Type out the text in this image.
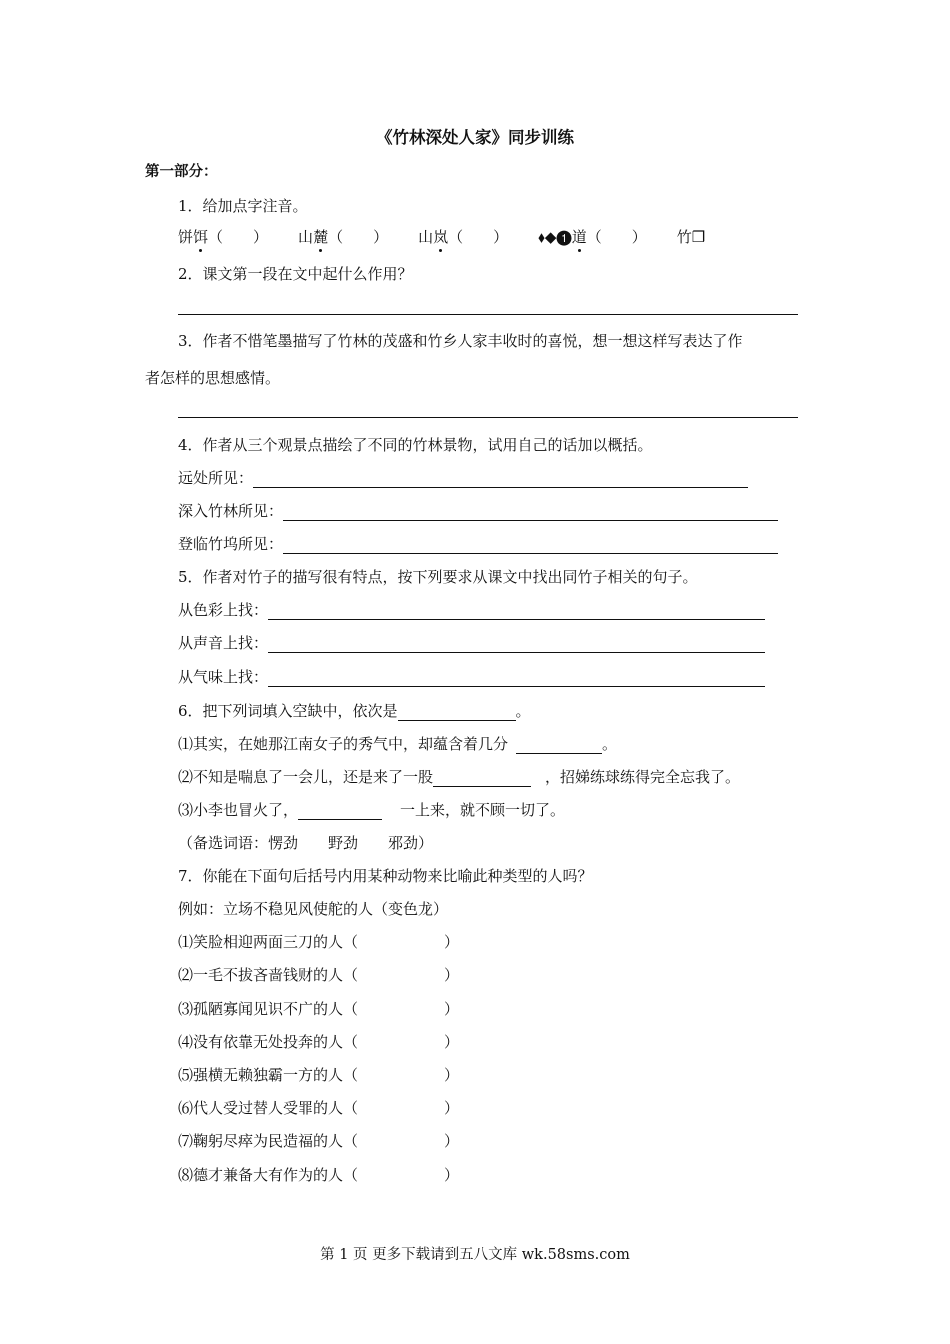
《竹林深处人家》同步训练
第一部分：
1．给加点字注音。
饼饵（　　） 山麓（　　） 山岚（　　） ⬧◆❶道（　　） 竹❒
2．课文第一段在文中起什么作用？
3．作者不惜笔墨描写了竹林的茂盛和竹乡人家丰收时的喜悦，想一想这样写表达了作
者怎样的思想感情。
4．作者从三个观景点描绘了不同的竹林景物，试用自己的话加以概括。
远处所见：
深入竹林所见：
登临竹坞所见：
5．作者对竹子的描写很有特点，按下列要求从课文中找出同竹子相关的句子。
从色彩上找：
从声音上找：
从气味上找：
6．把下列词填入空缺中，依次是	。
⑴其实，在她那江南女子的秀气中，却蕴含着几分	。
⑵不知是喘息了一会儿，还是来了一股	，招娣练球练得完全忘我了。
⑶小李也冒火了，	一上来，就不顾一切了。
（备选词语：愣劲　　野劲　　邪劲）
7．你能在下面句后括号内用某种动物来比喻此种类型的人吗？
例如：立场不稳见风使舵的人（变色龙）
⑴笑脸相迎两面三刀的人（	）
⑵一毛不拔吝啬钱财的人（	）
⑶孤陋寡闻见识不广的人（	）
⑷没有依靠无处投奔的人（	）
⑸强横无赖独霸一方的人（	）
⑹代人受过替人受罪的人（	）
⑺鞠躬尽瘁为民造福的人（	）
⑻德才兼备大有作为的人（	）
第 1 页 更多下载请到五八文库 wk.58sms.com
